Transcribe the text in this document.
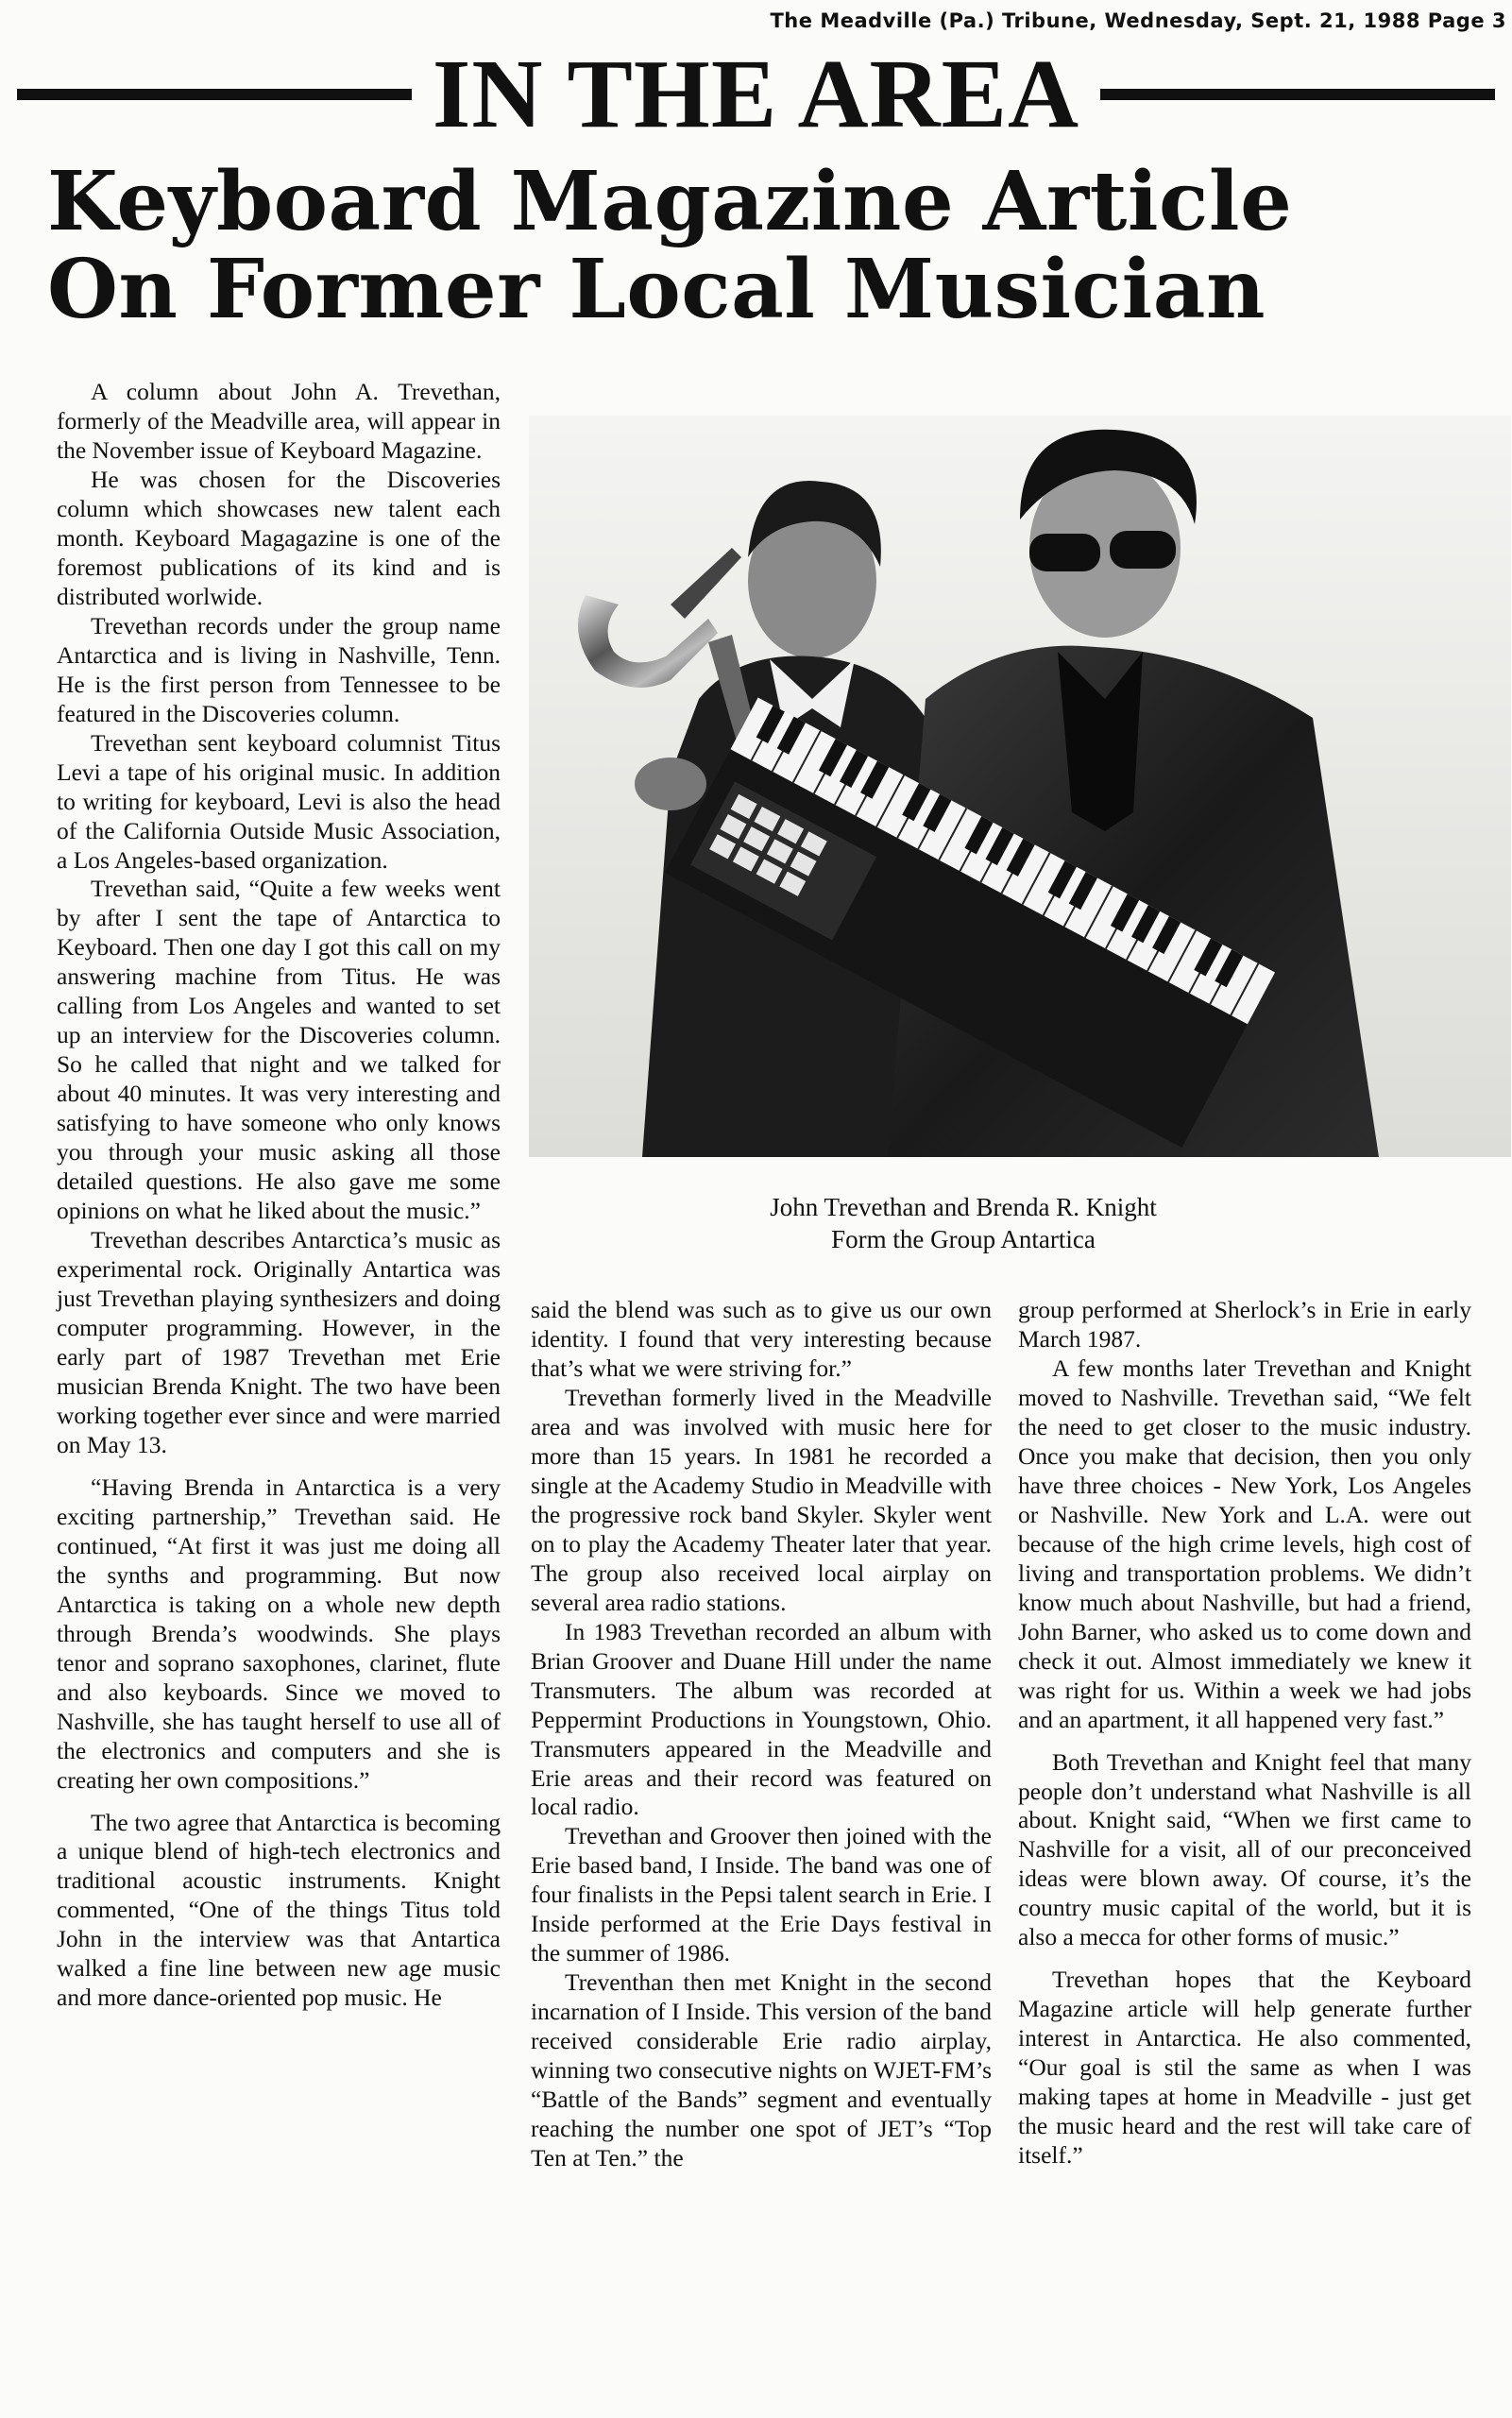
The Meadville (Pa.) Tribune, Wednesday, Sept. 21, 1988 Page 3
IN THE AREA
Keyboard Magazine Article
On Former Local Musician

A column about John A. Trevethan, formerly of the Meadville area, will appear in the November issue of Keyboard Magazine.

He was chosen for the Discoveries column which showcases new talent each month. Keyboard Magagazine is one of the foremost publications of its kind and is distributed worlwide.

Trevethan records under the group name Antarctica and is living in Nashville, Tenn. He is the first person from Tennessee to be featured in the Discoveries column.

Trevethan sent keyboard columnist Titus Levi a tape of his original music. In addition to writing for keyboard, Levi is also the head of the California Outside Music Association, a Los Angeles-based organization.

Trevethan said, “Quite a few weeks went by after I sent the tape of Antarctica to Keyboard. Then one day I got this call on my answering machine from Titus. He was calling from Los Angeles and wanted to set up an interview for the Discoveries column. So he called that night and we talked for about 40 minutes. It was very interesting and satisfying to have someone who only knows you through your music asking all those detailed questions. He also gave me some opinions on what he liked about the music.”

Trevethan describes Antarctica’s music as experimental rock. Originally Antartica was just Trevethan playing synthesizers and doing computer programming. However, in the early part of 1987 Trevethan met Erie musician Brenda Knight. The two have been working together ever since and were married on May 13.

“Having Brenda in Antarctica is a very exciting partnership,” Trevethan said. He continued, “At first it was just me doing all the synths and programming. But now Antarctica is taking on a whole new depth through Brenda’s woodwinds. She plays tenor and soprano saxophones, clarinet, flute and also keyboards. Since we moved to Nashville, she has taught herself to use all of the electronics and computers and she is creating her own compositions.”

The two agree that Antarctica is becoming a unique blend of high-tech electronics and traditional acoustic instruments. Knight commented, “One of the things Titus told John in the interview was that Antartica walked a fine line between new age music and more dance-oriented pop music. He

John Trevethan and Brenda R. Knight
Form the Group Antartica

said the blend was such as to give us our own identity. I found that very interesting because that’s what we were striving for.”

Trevethan formerly lived in the Meadville area and was involved with music here for more than 15 years. In 1981 he recorded a single at the Academy Studio in Meadville with the progressive rock band Skyler. Skyler went on to play the Academy Theater later that year. The group also received local airplay on several area radio stations.

In 1983 Trevethan recorded an album with Brian Groover and Duane Hill under the name Transmuters. The album was recorded at Peppermint Productions in Youngstown, Ohio. Transmuters appeared in the Meadville and Erie areas and their record was featured on local radio.

Trevethan and Groover then joined with the Erie based band, I Inside. The band was one of four finalists in the Pepsi talent search in Erie. I Inside performed at the Erie Days festival in the summer of 1986.

Treventhan then met Knight in the second incarnation of I Inside. This version of the band received considerable Erie radio airplay, winning two consecutive nights on WJET-FM’s “Battle of the Bands” segment and eventually reaching the number one spot of JET’s “Top Ten at Ten.” the

group performed at Sherlock’s in Erie in early March 1987.

A few months later Trevethan and Knight moved to Nashville. Trevethan said, “We felt the need to get closer to the music industry. Once you make that decision, then you only have three choices - New York, Los Angeles or Nashville. New York and L.A. were out because of the high crime levels, high cost of living and transportation problems. We didn’t know much about Nashville, but had a friend, John Barner, who asked us to come down and check it out. Almost immediately we knew it was right for us. Within a week we had jobs and an apartment, it all happened very fast.”

Both Trevethan and Knight feel that many people don’t understand what Nashville is all about. Knight said, “When we first came to Nashville for a visit, all of our preconceived ideas were blown away. Of course, it’s the country music capital of the world, but it is also a mecca for other forms of music.”

Trevethan hopes that the Keyboard Magazine article will help generate further interest in Antarctica. He also commented, “Our goal is stil the same as when I was making tapes at home in Meadville - just get the music heard and the rest will take care of itself.”
